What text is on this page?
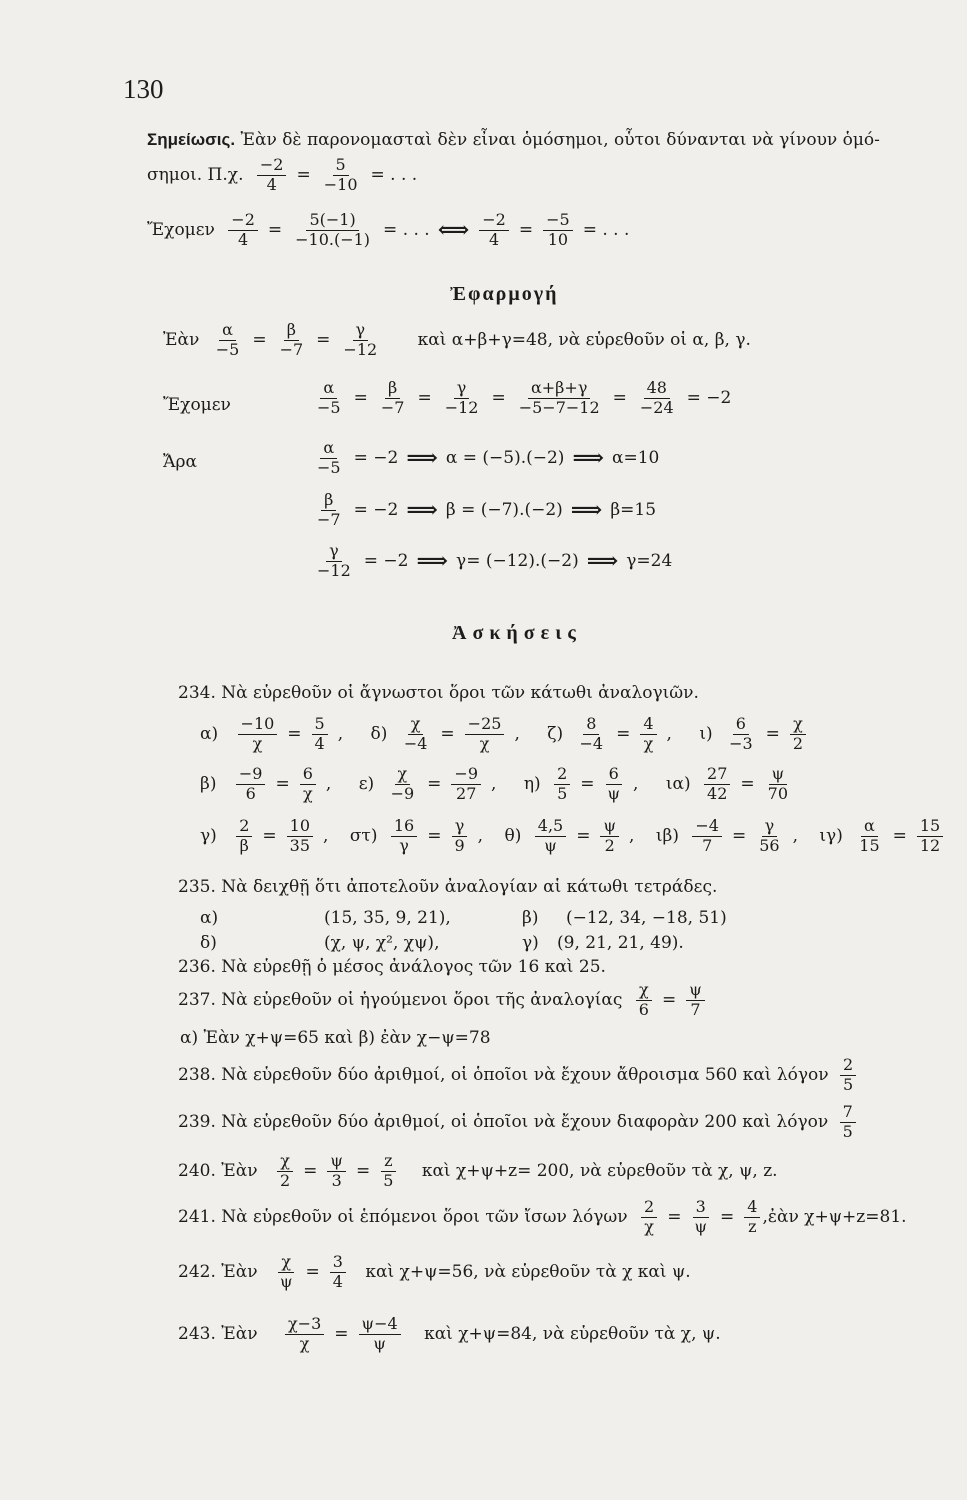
130
Σημείωσις. Ἐὰν δὲ παρονομασταὶ δὲν εἶναι ὁμόσημοι, οὗτοι δύνανται νὰ γίνουν ὁμό-
σημοι. Π.χ. $\frac{-2}{4} = \frac{5}{-10}$ = . . .
Ἔχομεν $\frac{-2}{4} = \frac{5(-1)}{-10.(-1)}$ = . . . ⟺ $\frac{-2}{4} = \frac{-5}{10}$ = . . .
Ἐφαρμογή
Ἐὰν $\frac{\alpha}{-5} = \frac{\beta}{-7} = \frac{\gamma}{-12}$ καὶ α+β+γ=48, νὰ εὑρεθοῦν οἱ α, β, γ.
Ἔχομεν	$\frac{\alpha}{-5} = \frac{\beta}{-7} = \frac{\gamma}{-12} = \frac{\alpha+\beta+\gamma}{-5-7-12} = \frac{48}{-24} = -2$
Ἄρα	$\frac{\alpha}{-5} = -2$ ⟹ α = (−5).(−2) ⟹ α=10
$\frac{\beta}{-7} = -2$ ⟹ β = (−7).(−2) ⟹ β=15
$\frac{\gamma}{-12} = -2$ ⟹ γ= (−12).(−2) ⟹ γ=24
Ἀσκήσεις
234. Νὰ εὑρεθοῦν οἱ ἄγνωστοι ὅροι τῶν κάτωθι ἀναλογιῶν.
$\alpha) \frac{-10}{\chi} = \frac{5}{4}$ , $\delta) \frac{\chi}{-4} = \frac{-25}{\chi}$ , $\zeta) \frac{8}{-4} = \frac{4}{\chi}$ , $\iota) \frac{6}{-3} = \frac{\chi}{2}$
$\beta) \frac{-9}{6} = \frac{6}{\chi}$ , $\varepsilon) \frac{\chi}{-9} = \frac{-9}{27}$ , $\eta) \frac{2}{5} = \frac{6}{\psi}$ , $\iota\alpha) \frac{27}{42} = \frac{\psi}{70}$
$\gamma) \frac{2}{\beta} = \frac{10}{35}$ , $\sigma\tau) \frac{16}{\gamma} = \frac{\gamma}{9}$ , $\theta) \frac{4,5}{\psi} = \frac{\psi}{2}$ , $\iota\beta) \frac{-4}{7} = \frac{\gamma}{56}$ , $\iota\gamma) \frac{\alpha}{15} = \frac{15}{12}$
235. Νὰ δειχθῇ ὅτι ἀποτελοῦν ἀναλογίαν αἱ κάτωθι τετράδες.
α)	(15, 35, 9, 21),	β) (−12, 34, −18, 51)
δ)	(χ, ψ, χ², χψ),	γ) (9, 21, 21, 49).
236. Νὰ εὑρεθῇ ὁ μέσος ἀνάλογος τῶν 16 καὶ 25.
237. Νὰ εὑρεθοῦν οἱ ἡγούμενοι ὅροι τῆς ἀναλογίας $\frac{\chi}{6} = \frac{\psi}{7}$
α) Ἐὰν χ+ψ=65 καὶ β) ἐὰν χ−ψ=78
238. Νὰ εὑρεθοῦν δύο ἀριθμοί, οἱ ὁποῖοι νὰ ἔχουν ἄθροισμα 560 καὶ λόγον $\frac{2}{5}$
239. Νὰ εὑρεθοῦν δύο ἀριθμοί, οἱ ὁποῖοι νὰ ἔχουν διαφορὰν 200 καὶ λόγον $\frac{7}{5}$
240. Ἐὰν $\frac{\chi}{2} = \frac{\psi}{3} = \frac{z}{5}$ καὶ χ+ψ+z= 200, νὰ εὑρεθοῦν τὰ χ, ψ, z.
241. Νὰ εὑρεθοῦν οἱ ἑπόμενοι ὅροι τῶν ἴσων λόγων $\frac{2}{\chi} = \frac{3}{\psi} = \frac{4}{z}$ ,ἐὰν χ+ψ+z=81.
242. Ἐὰν $\frac{\chi}{\psi} = \frac{3}{4}$ καὶ χ+ψ=56, νὰ εὑρεθοῦν τὰ χ καὶ ψ.
243. Ἐὰν $\frac{\chi-3}{\chi} = \frac{\psi-4}{\psi}$ καὶ χ+ψ=84, νὰ εὑρεθοῦν τὰ χ, ψ.
